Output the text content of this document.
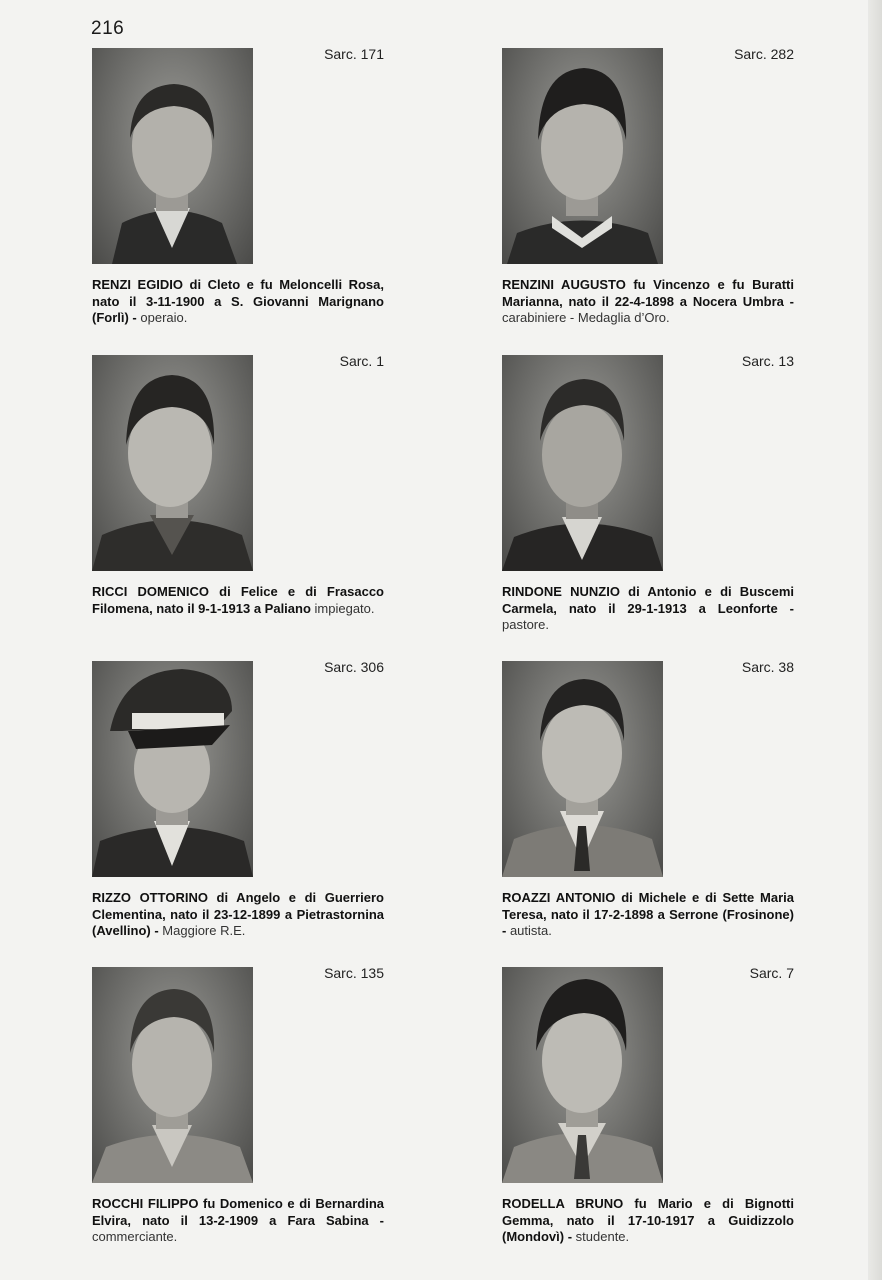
216
Sarc. 171
RENZI EGIDIO di Cleto e fu Meloncelli Rosa, nato il 3-11-1900 a S. Giovanni Marignano (Forlì) - operaio.
Sarc. 282
RENZINI AUGUSTO fu Vincenzo e fu Buratti Marianna, nato il 22-4-1898 a Nocera Umbra - carabiniere - Medaglia d’Oro.
Sarc. 1
RICCI DOMENICO di Felice e di Frasacco Filomena, nato il 9-1-1913 a Paliano impiegato.
Sarc. 13
RINDONE NUNZIO di Antonio e di Buscemi Carmela, nato il 29-1-1913 a Leonforte - pastore.
Sarc. 306
RIZZO OTTORINO di Angelo e di Guerriero Clementina, nato il 23-12-1899 a Pietrastornina (Avellino) - Maggiore R.E.
Sarc. 38
ROAZZI ANTONIO di Michele e di Sette Maria Teresa, nato il 17-2-1898 a Serrone (Frosinone) - autista.
Sarc. 135
ROCCHI FILIPPO fu Domenico e di Bernardina Elvira, nato il 13-2-1909 a Fara Sabina - commerciante.
Sarc. 7
RODELLA BRUNO fu Mario e di Bignotti Gemma, nato il 17-10-1917 a Guidizzolo (Mondovì) - studente.
